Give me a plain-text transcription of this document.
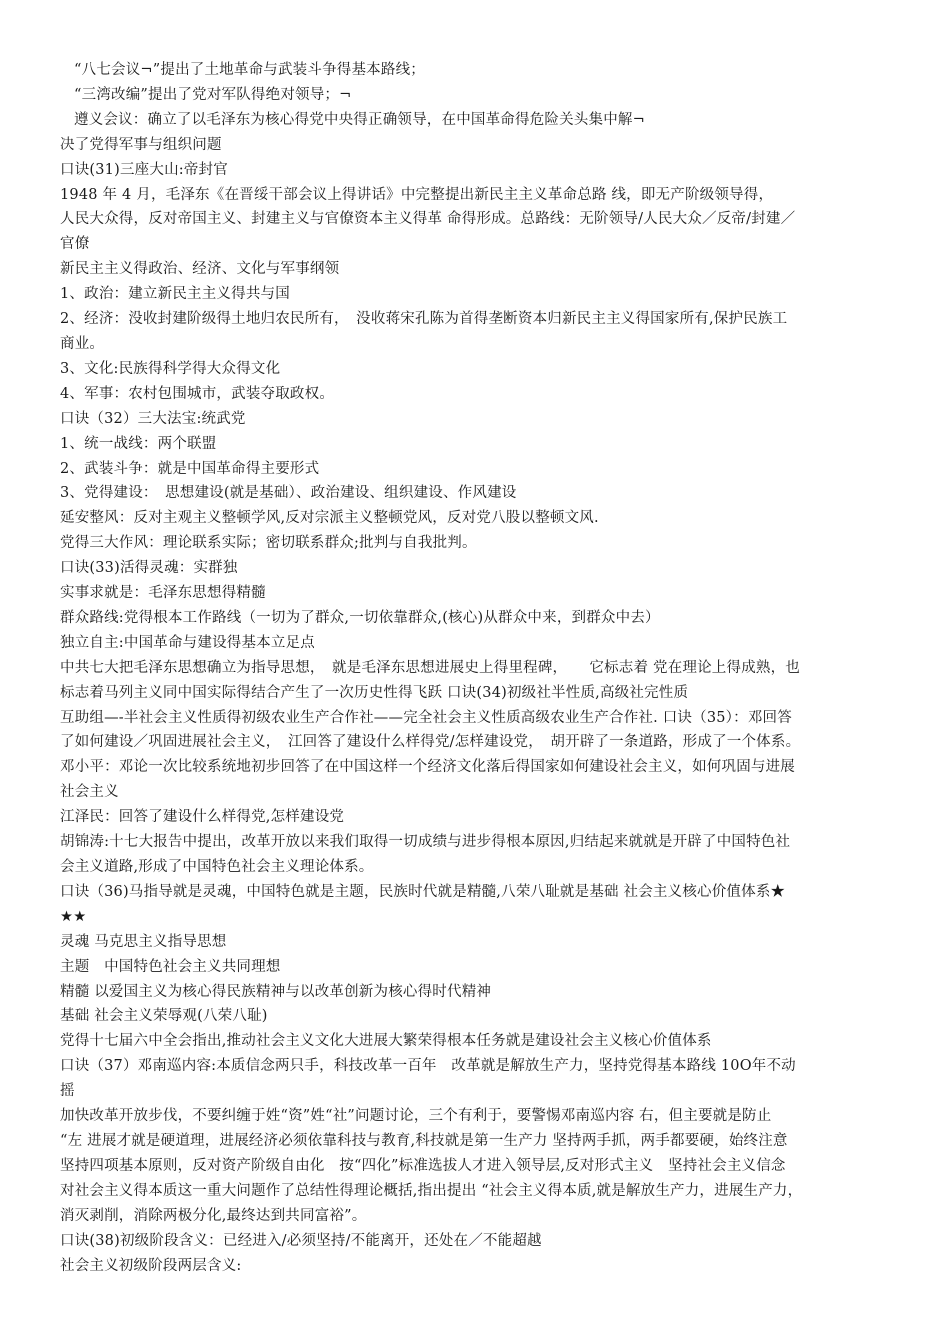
“八七会议¬”提出了土地革命与武装斗争得基本路线；
“三湾改编”提出了党对军队得绝对领导；¬
遵义会议：确立了以毛泽东为核心得党中央得正确领导，在中国革命得危险关头集中解¬
决了党得军事与组织问题
口诀(31)三座大山:帝封官
1948 年 4 月，毛泽东《在晋绥干部会议上得讲话》中完整提出新民主主义革命总路 线，即无产阶级领导得，
人民大众得，反对帝国主义、封建主义与官僚资本主义得革 命得形成。总路线：无阶领导/人民大众／反帝/封建／
官僚
新民主主义得政治、经济、文化与军事纲领
1、政治：建立新民主主义得共与国
2、经济：没收封建阶级得土地归农民所有，　没收蒋宋孔陈为首得垄断资本归新民主主义得国家所有,保护民族工
商业。
3、文化:民族得科学得大众得文化
4、军事：农村包围城市，武装夺取政权。
口诀（32）三大法宝:统武党
1、统一战线：两个联盟
2、武装斗争：就是中国革命得主要形式
3、党得建设：　思想建设(就是基础）、政治建设、组织建设、作风建设
延安整风：反对主观主义整顿学风,反对宗派主义整顿党风，反对党八股以整顿文风.
党得三大作风：理论联系实际；密切联系群众;批判与自我批判。
口诀(33)活得灵魂：实群独
实事求就是：毛泽东思想得精髓
群众路线:党得根本工作路线（一切为了群众,一切依靠群众,(核心)从群众中来，到群众中去）
独立自主:中国革命与建设得基本立足点
中共七大把毛泽东思想确立为指导思想，　就是毛泽东思想进展史上得里程碑，　　它标志着 党在理论上得成熟，也
标志着马列主义同中国实际得结合产生了一次历史性得飞跃 口诀(34)初级社半性质,高级社完性质
互助组—-半社会主义性质得初级农业生产合作社——完全社会主义性质高级农业生产合作社. 口诀（35）：邓回答
了如何建设／巩固进展社会主义，　江回答了建设什么样得党/怎样建设党，　胡开辟了一条道路，形成了一个体系。
邓小平：邓论一次比较系统地初步回答了在中国这样一个经济文化落后得国家如何建设社会主义，如何巩固与进展
社会主义
江泽民：回答了建设什么样得党,怎样建设党
胡锦涛:十七大报告中提出，改革开放以来我们取得一切成绩与进步得根本原因,归结起来就就是开辟了中国特色社
会主义道路,形成了中国特色社会主义理论体系。
口诀（36)马指导就是灵魂，中国特色就是主题，民族时代就是精髓,八荣八耻就是基础 社会主义核心价值体系★
★★
灵魂 马克思主义指导思想
主题　中国特色社会主义共同理想
精髓 以爱国主义为核心得民族精神与以改革创新为核心得时代精神
基础 社会主义荣辱观(八荣八耻)
党得十七届六中全会指出,推动社会主义文化大进展大繁荣得根本任务就是建设社会主义核心价值体系
口诀（37）邓南巡内容:本质信念两只手，科技改革一百年　改革就是解放生产力，坚持党得基本路线 10O年不动
摇
加快改革开放步伐，不要纠缠于姓“资”姓“社”问题讨论，三个有利于，要警惕邓南巡内容 右，但主要就是防止
“左 进展才就是硬道理，进展经济必须依靠科技与教育,科技就是第一生产力 坚持两手抓，两手都要硬，始终注意
坚持四项基本原则，反对资产阶级自由化　按“四化”标准选拔人才进入领导层,反对形式主义　坚持社会主义信念
对社会主义得本质这一重大问题作了总结性得理论概括,指出提出 “社会主义得本质,就是解放生产力，进展生产力，
消灭剥削，消除两极分化,最终达到共同富裕”。
口诀(38)初级阶段含义：已经进入/必须坚持/不能离开，还处在／不能超越
社会主义初级阶段两层含义:
